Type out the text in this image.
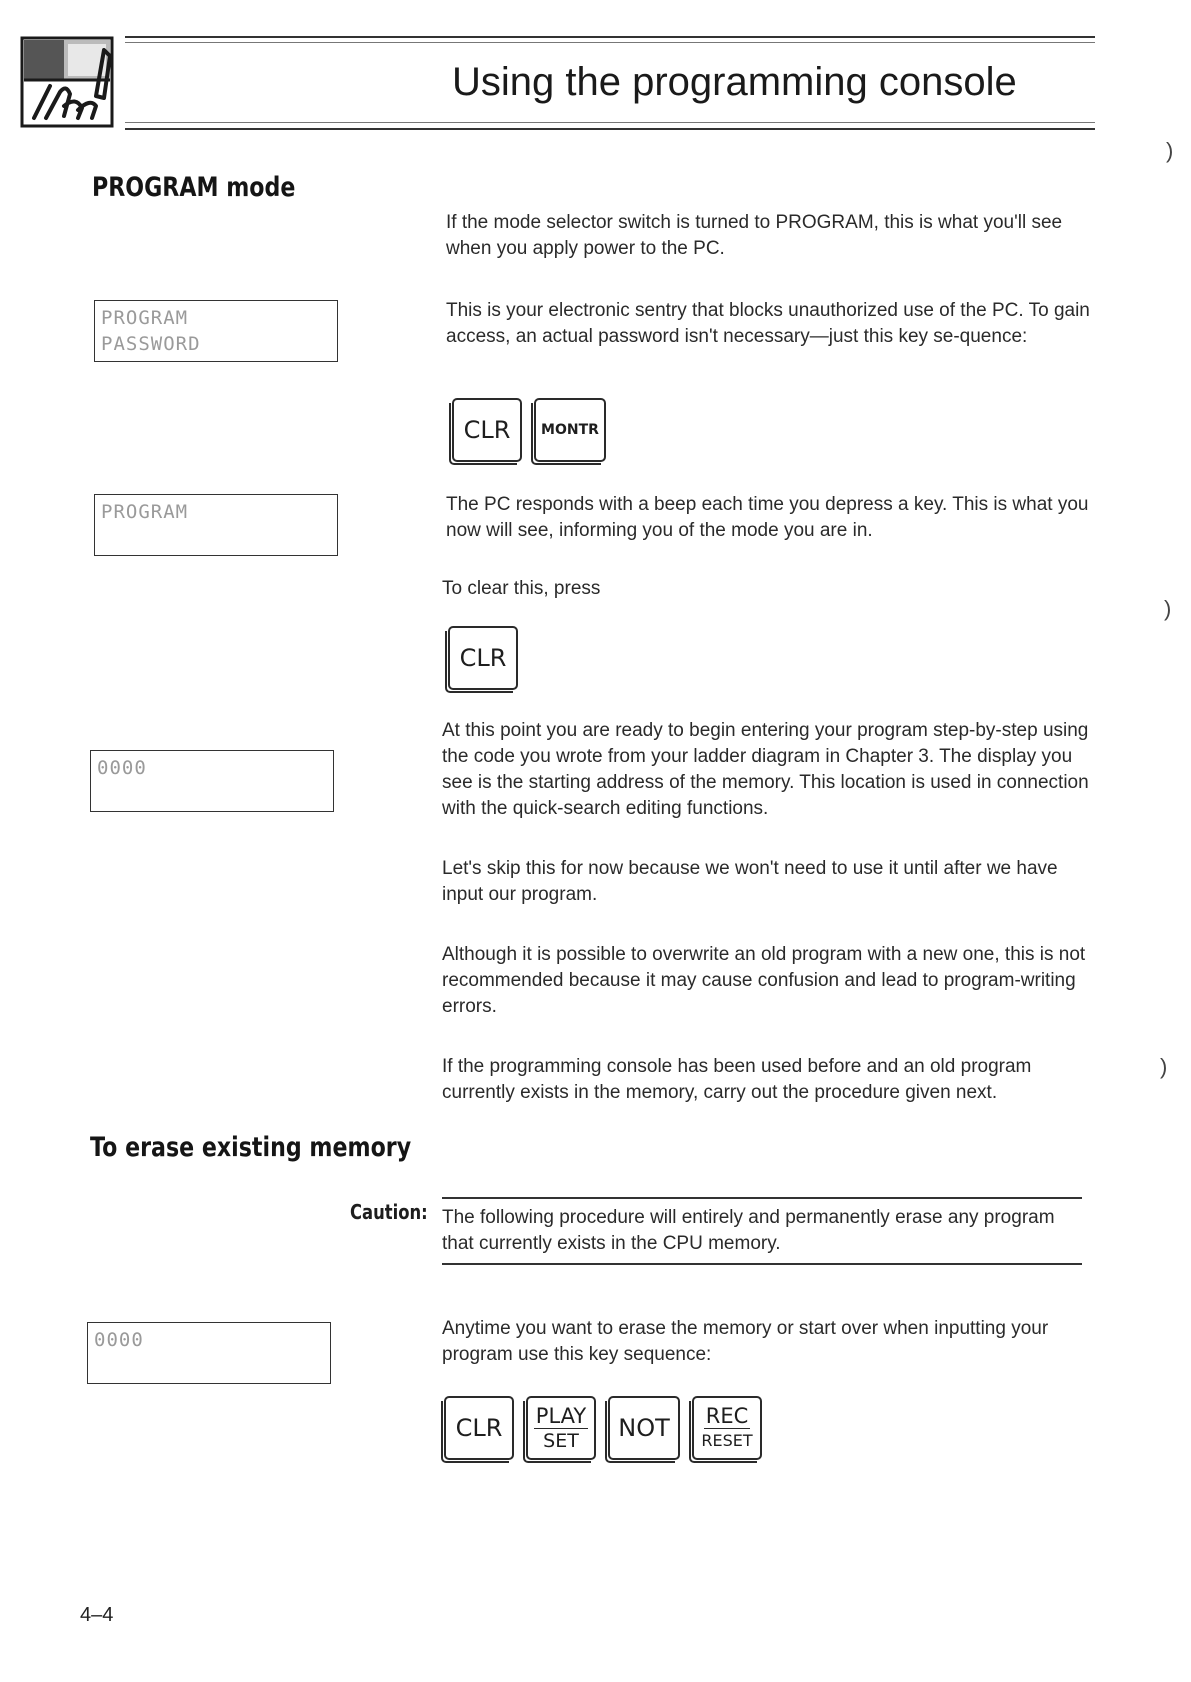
Using the programming console
PROGRAM mode

If the mode selector switch is turned to PROGRAM, this is what you'll see when you apply power to the PC.

PROGRAM
PASSWORD

This is your electronic sentry that blocks unauthorized use of the PC. To gain access, an actual password isn't necessary—just this key se-quence:

CLR MONTR
PROGRAM	The PC responds with a beep each time you depress a key. This is what you now will see, informing you of the mode you are in.

To clear this, press

CLR
0000

At this point you are ready to begin entering your program step-by-step using the code you wrote from your ladder diagram in Chapter 3. The display you see is the starting address of the memory. This location is used in connection with the quick-search editing functions.

Let's skip this for now because we won't need to use it until after we have input our program.

Although it is possible to overwrite an old program with a new one, this is not recommended because it may cause confusion and lead to program-writing errors.

If the programming console has been used before and an old program currently exists in the memory, carry out the procedure given next.

To erase existing memory

Caution: The following procedure will entirely and permanently erase any program that currently exists in the CPU memory.

0000

Anytime you want to erase the memory or start over when inputting your program use this key sequence:

CLR PLAY
SET NOT REC
RESET
)
)
)

4–4
